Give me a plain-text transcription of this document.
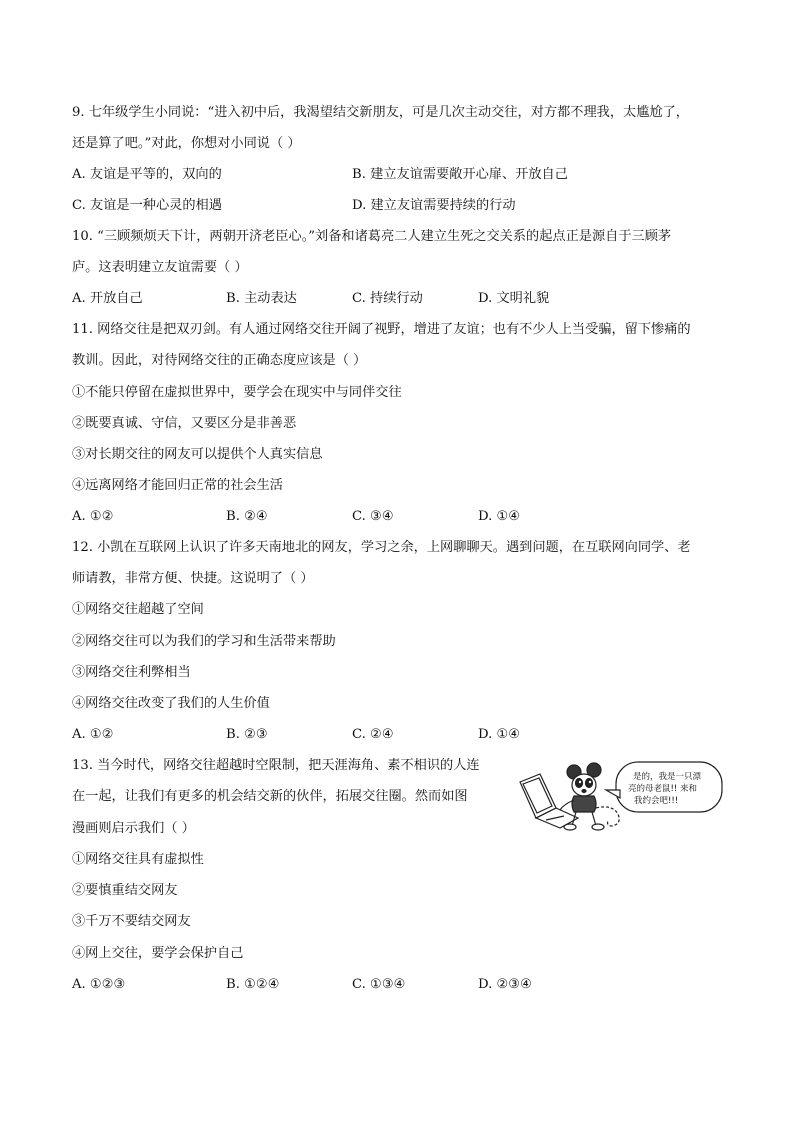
9. 七年级学生小同说：“进入初中后，我渴望结交新朋友，可是几次主动交往，对方都不理我，太尴尬了，
还是算了吧。”对此，你想对小同说（ ）
A. 友谊是平等的，双向的	B. 建立友谊需要敞开心扉、开放自己
C. 友谊是一种心灵的相遇	D. 建立友谊需要持续的行动
10. “三顾频烦天下计，两朝开济老臣心。”刘备和诸葛亮二人建立生死之交关系的起点正是源自于三顾茅
庐。这表明建立友谊需要（ ）
A. 开放自己	B. 主动表达	C. 持续行动	D. 文明礼貌
11. 网络交往是把双刃剑。有人通过网络交往开阔了视野，增进了友谊；也有不少人上当受骗，留下惨痛的
教训。因此，对待网络交往的正确态度应该是（ ）
①不能只停留在虚拟世界中，要学会在现实中与同伴交往
②既要真诚、守信，又要区分是非善恶
③对长期交往的网友可以提供个人真实信息
④远离网络才能回归正常的社会生活
A. ①②	B. ②④	C. ③④	D. ①④
12. 小凯在互联网上认识了许多天南地北的网友，学习之余，上网聊聊天。遇到问题，在互联网向同学、老
师请教，非常方便、快捷。这说明了（ ）
①网络交往超越了空间
②网络交往可以为我们的学习和生活带来帮助
③网络交往利弊相当
④网络交往改变了我们的人生价值
A. ①②	B. ②③	C. ②④	D. ①④
13. 当今时代，网络交往超越时空限制，把天涯海角、素不相识的人连
在一起，让我们有更多的机会结交新的伙伴，拓展交往圈。然而如图
漫画则启示我们（ ）
是的，我是一只漂
亮的母老鼠!! 来和
我约会吧!!!
①网络交往具有虚拟性
②要慎重结交网友
③千万不要结交网友
④网上交往，要学会保护自己
A. ①②③	B. ①②④	C. ①③④	D. ②③④
